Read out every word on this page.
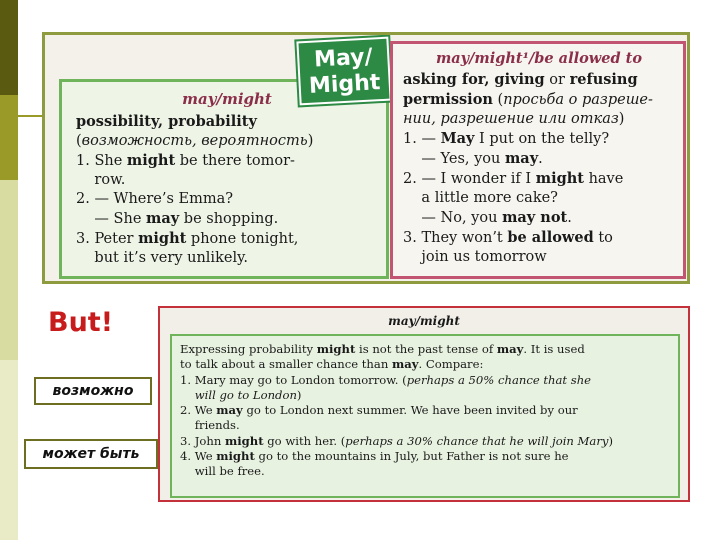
may/might
possibility, probability
(возможность, вероятность)
1. She might be there tomor-
row.
2. — Where’s Emma?
— She may be shopping.
3. Peter might phone tonight,
but it’s very unlikely.
May/
Might
may/might¹/be allowed to
asking for, giving or refusing
permission (просьба о разреше-
нии, разрешение или отказ)
1. — May I put on the telly?
— Yes, you may.
2. — I wonder if I might have
a little more cake?
— No, you may not.
3. They won’t be allowed to
join us tomorrow
But!
возможно
может быть
may/might
Expressing probability might is not the past tense of may. It is used
to talk about a smaller chance than may. Compare:
1. Mary may go to London tomorrow. (perhaps a 50% chance that she
will go to London)
2. We may go to London next summer. We have been invited by our
friends.
3. John might go with her. (perhaps a 30% chance that he will join Mary)
4. We might go to the mountains in July, but Father is not sure he
will be free.
